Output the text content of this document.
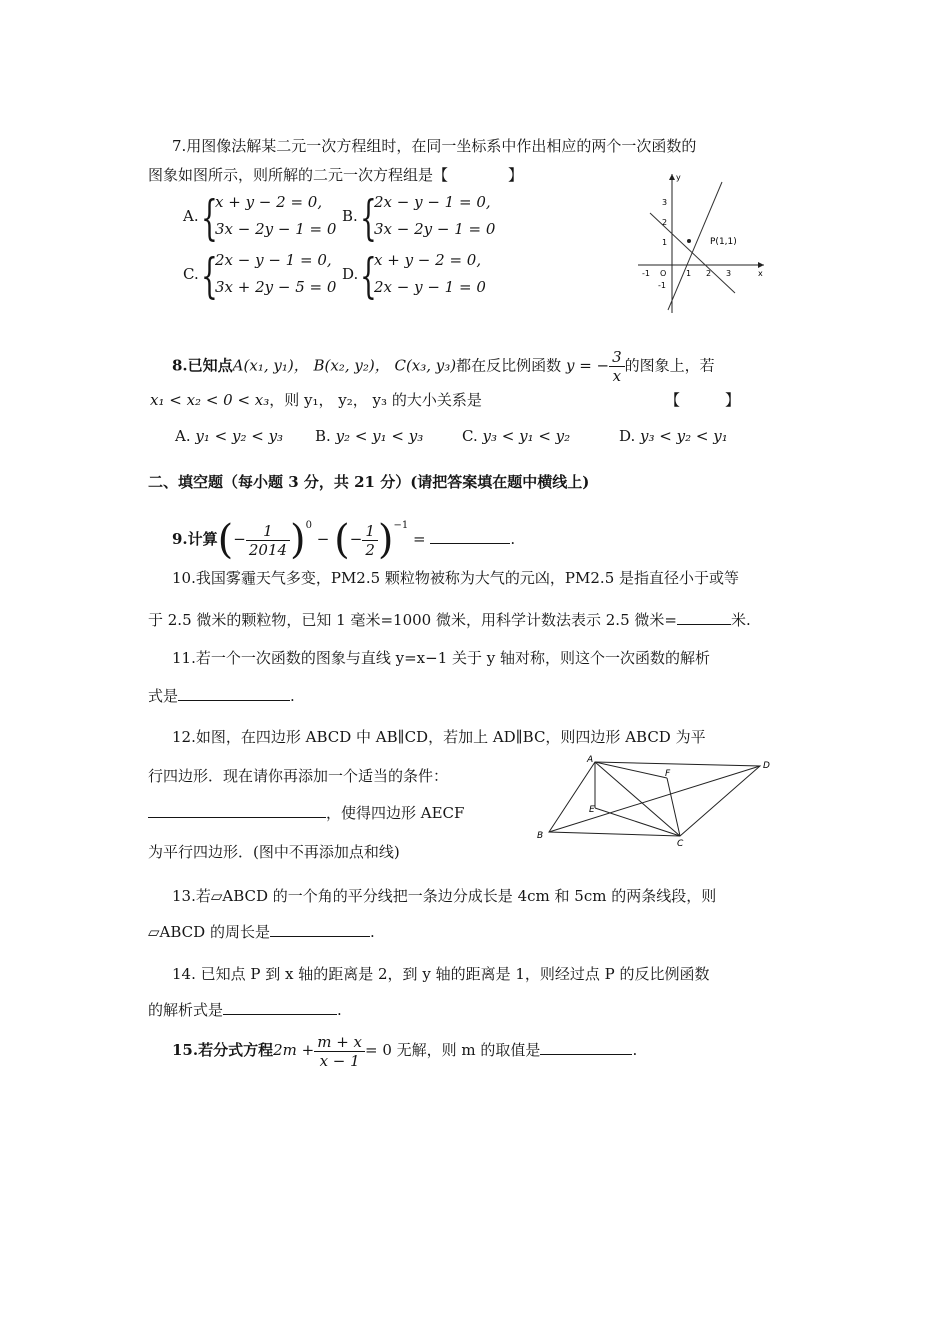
7.用图像法解某二元一次方程组时，在同一坐标系中作出相应的两个一次函数的
图象如图所示，则所解的二元一次方程组是【　　　　】
A. {
x + y − 2 = 0,
3x − 2y − 1 = 0
B. {
2x − y − 1 = 0,
3x − 2y − 1 = 0
C. {
2x − y − 1 = 0,
3x + 2y − 5 = 0
D. {
x + y − 2 = 0,
2x − y − 1 = 0
P(1,1)
O
-1	1 2 3	x
y
3
2
1
-1
8.已知点A(x₁, y₁)， B(x₂, y₂)， C(x₃, y₃)都在反比例函数 y = − $\frac{3}{x}$ 的图象上，若
x₁ < x₂ < 0 < x₃，则 y₁， y₂， y₃ 的大小关系是	【　　　】
A. y₁ < y₂ < y₃ B. y₂ < y₁ < y₃	C. y₃ < y₁ < y₂	D. y₃ < y₂ < y₁
二、填空题（每小题 3 分，共 21 分）(请把答案填在题中横线上)
9.计算(− $\frac{1}{2014} )^0$ − (− $\frac{1}{2} )^{-1}$ =	.
10.我国雾霾天气多变，PM2.5 颗粒物被称为大气的元凶，PM2.5 是指直径小于或等
于 2.5 微米的颗粒物，已知 1 毫米=1000 微米，用科学计数法表示 2.5 微米=	米.
11.若一个一次函数的图象与直线 y=x−1 关于 y 轴对称，则这个一次函数的解析
式是	.
12.如图，在四边形 ABCD 中 AB∥CD，若加上 AD∥BC，则四边形 ABCD 为平
行四边形．现在请你再添加一个适当的条件：
，使得四边形 AECF
为平行四边形．(图中不再添加点和线)
A
B
C
D
E
F
13.若▱ABCD 的一个角的平分线把一条边分成长是 4cm 和 5cm 的两条线段，则
▱ABCD 的周长是	.
14. 已知点 P 到 x 轴的距离是 2，到 y 轴的距离是 1，则经过点 P 的反比例函数
的解析式是	.
15.若分式方程$2m + \frac{m + x}{x - 1} = 0$ 无解，则 m 的取值是	.
